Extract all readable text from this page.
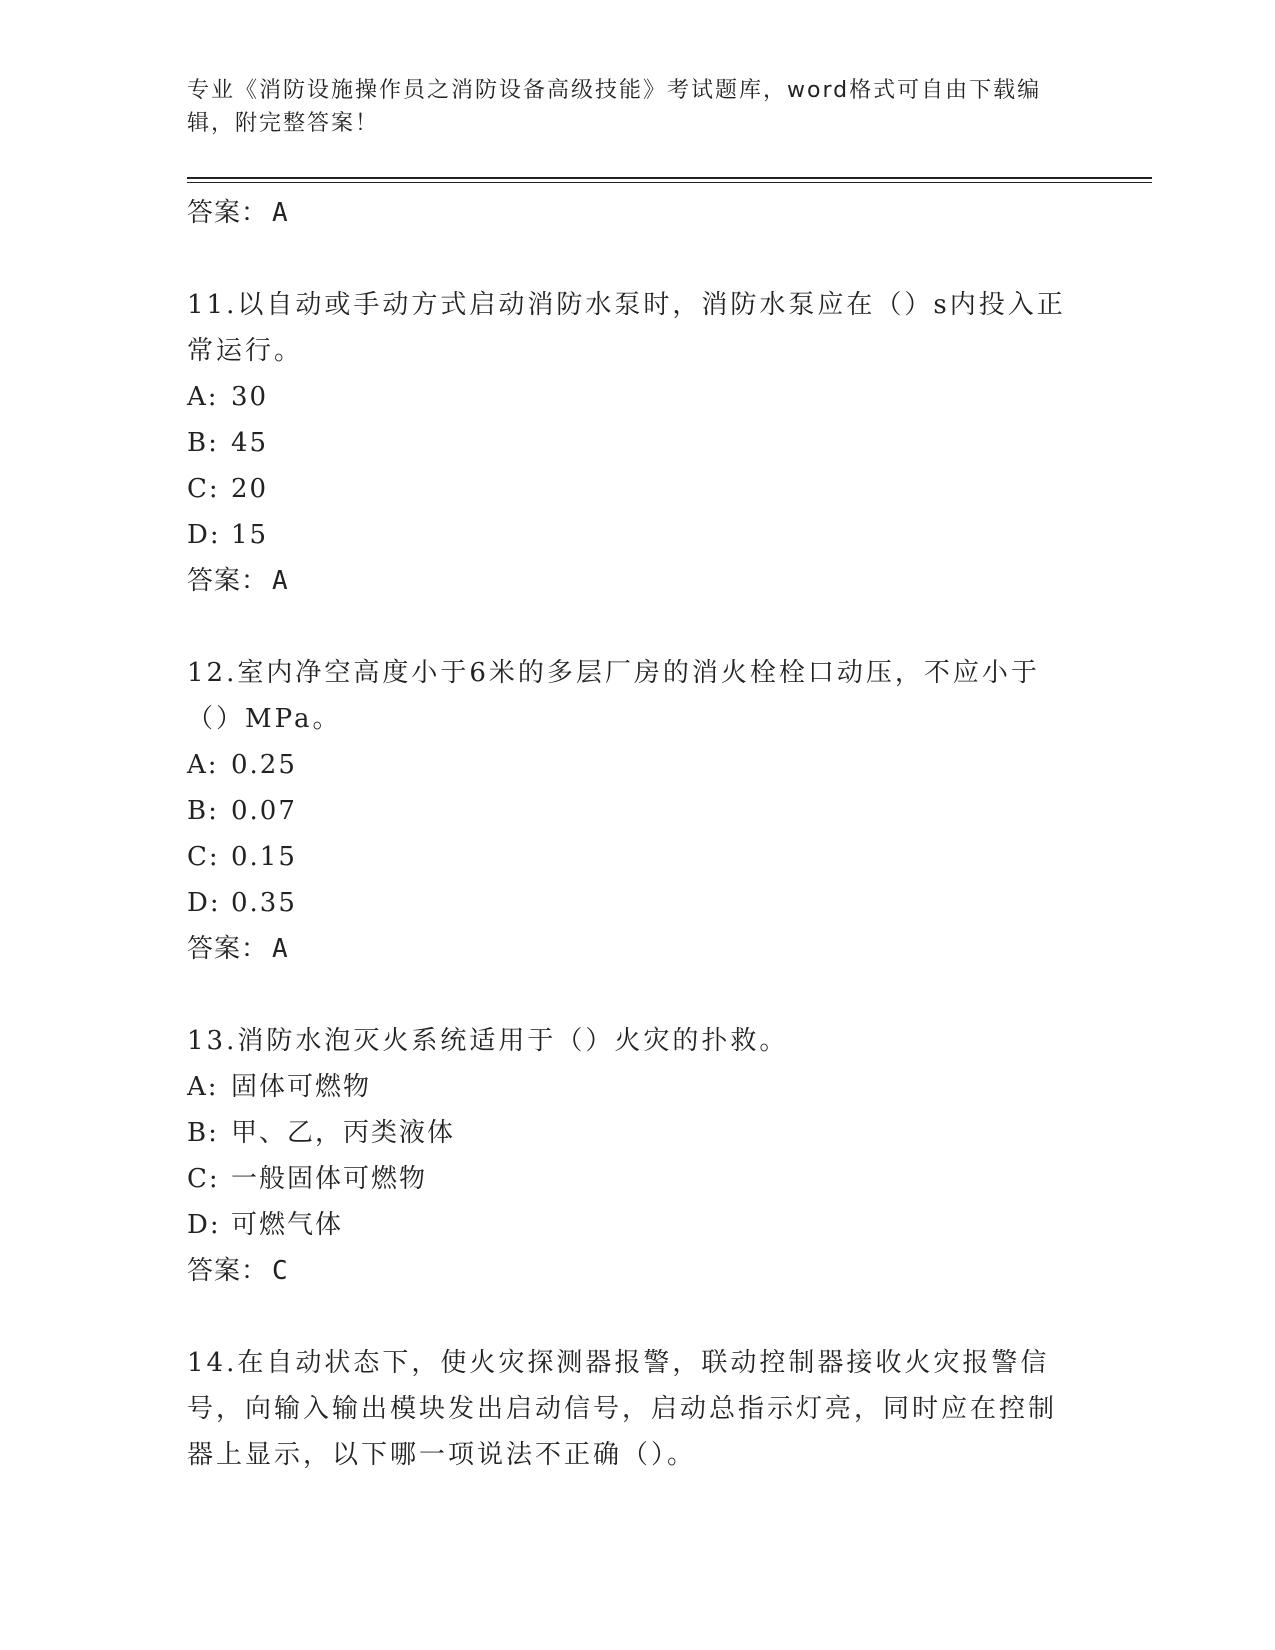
专业《消防设施操作员之消防设备高级技能》考试题库，word格式可自由下载编辑，附完整答案！
答案： A

11.以自动或手动方式启动消防水泵时，消防水泵应在（）s内投入正常运行。

A: 30
B: 45
C: 20
D: 15
答案： A

12.室内净空高度小于6米的多层厂房的消火栓栓口动压，不应小于（）MPa。

A: 0.25
B: 0.07
C: 0.15
D: 0.35
答案： A

13.消防水泡灭火系统适用于（）火灾的扑救。

A: 固体可燃物
B: 甲、乙，丙类液体
C: 一般固体可燃物
D: 可燃气体
答案： C

14.在自动状态下，使火灾探测器报警，联动控制器接收火灾报警信号，向输入输出模块发出启动信号，启动总指示灯亮，同时应在控制器上显示，以下哪一项说法不正确（）。
